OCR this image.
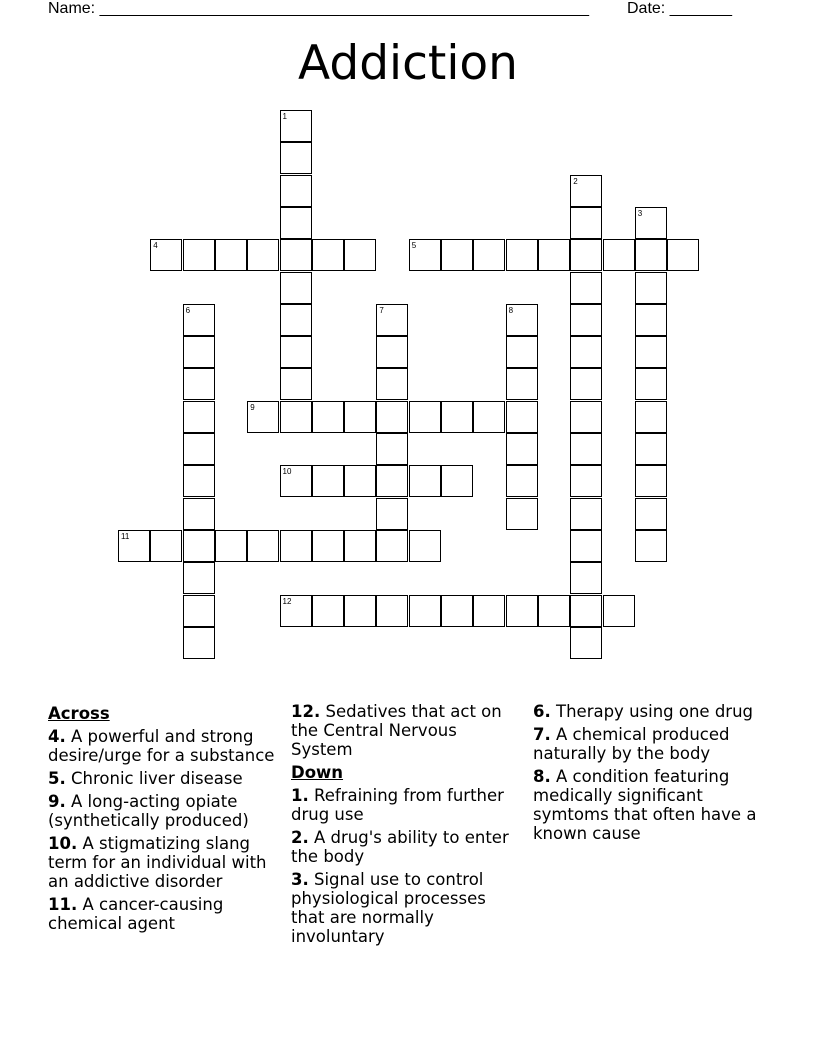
Name: _______________________________________________________ Date: _______
Addiction
1
2
3
4	5
6	7	8
9
10
11
12
Across
4. A powerful and strong desire/urge for a substance
5. Chronic liver disease
9. A long-acting opiate (synthetically produced)
10. A stigmatizing slang term for an individual with an addictive disorder
11. A cancer-causing chemical agent
12. Sedatives that act on the Central Nervous System
Down
1. Refraining from further drug use
2. A drug's ability to enter the body
3. Signal use to control physiological processes that are normally involuntary
6. Therapy using one drug
7. A chemical produced naturally by the body
8. A condition featuring medically significant symtoms that often have a known cause
